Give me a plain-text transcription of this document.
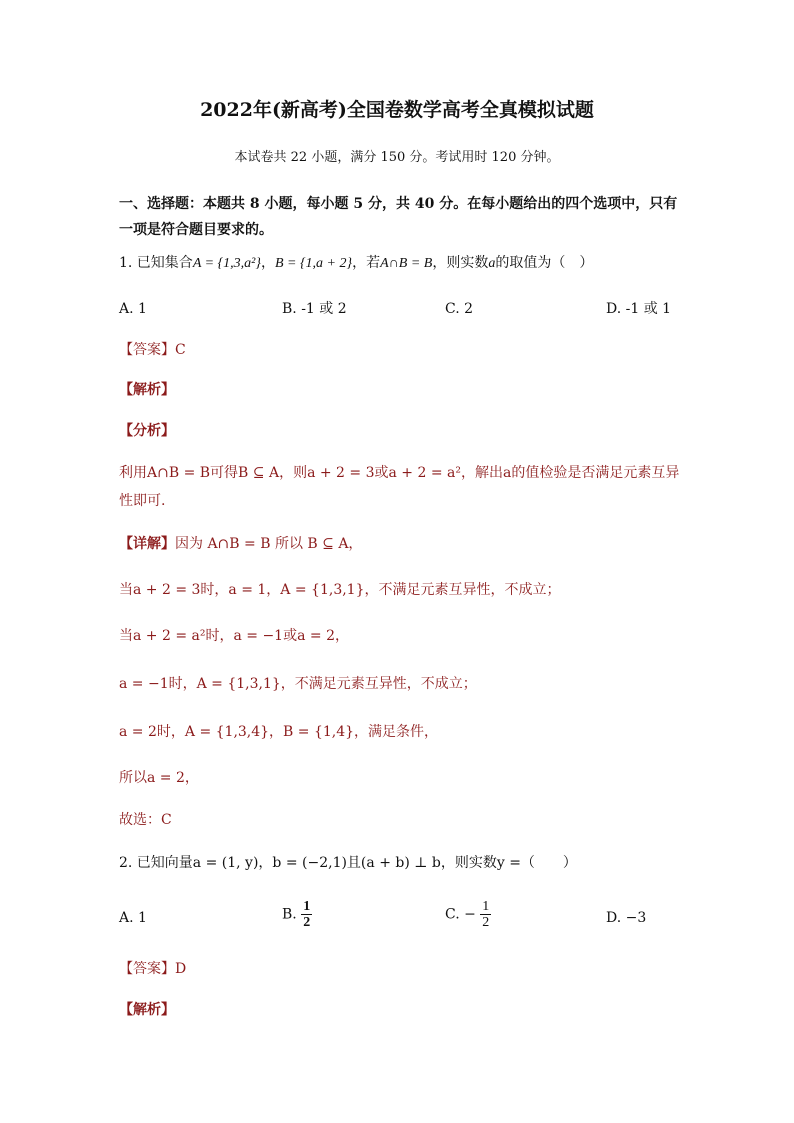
2022年(新高考)全国卷数学高考全真模拟试题
本试卷共 22 小题，满分 150 分。考试用时 120 分钟。
一、选择题：本题共 8 小题，每小题 5 分，共 40 分。在每小题给出的四个选项中，只有一项是符合题目要求的。
1. 已知集合A = {1,3,a²}，B = {1,a + 2}，若A∩B = B，则实数a的取值为（　）
A. 1	B. -1 或 2	C. 2	D. -1 或 1
【答案】C
【解析】
【分析】
利用A∩B = B可得B ⊆ A，则a + 2 = 3或a + 2 = a²，解出a的值检验是否满足元素互异
性即可.
【详解】因为 A∩B = B 所以 B ⊆ A，
当a + 2 = 3时，a = 1，A = {1,3,1}，不满足元素互异性，不成立；
当a + 2 = a²时，a = −1或a = 2，
a = −1时，A = {1,3,1}，不满足元素互异性，不成立；
a = 2时，A = {1,3,4}，B = {1,4}，满足条件，
所以a = 2，
故选：C
2. 已知向量a = (1, y)，b = (−2,1)且(a + b) ⊥ b，则实数y =（　　）
A. 1	B. $\frac{1}{2}$	C. − $\frac{1}{2}$	D. −3
【答案】D
【解析】
